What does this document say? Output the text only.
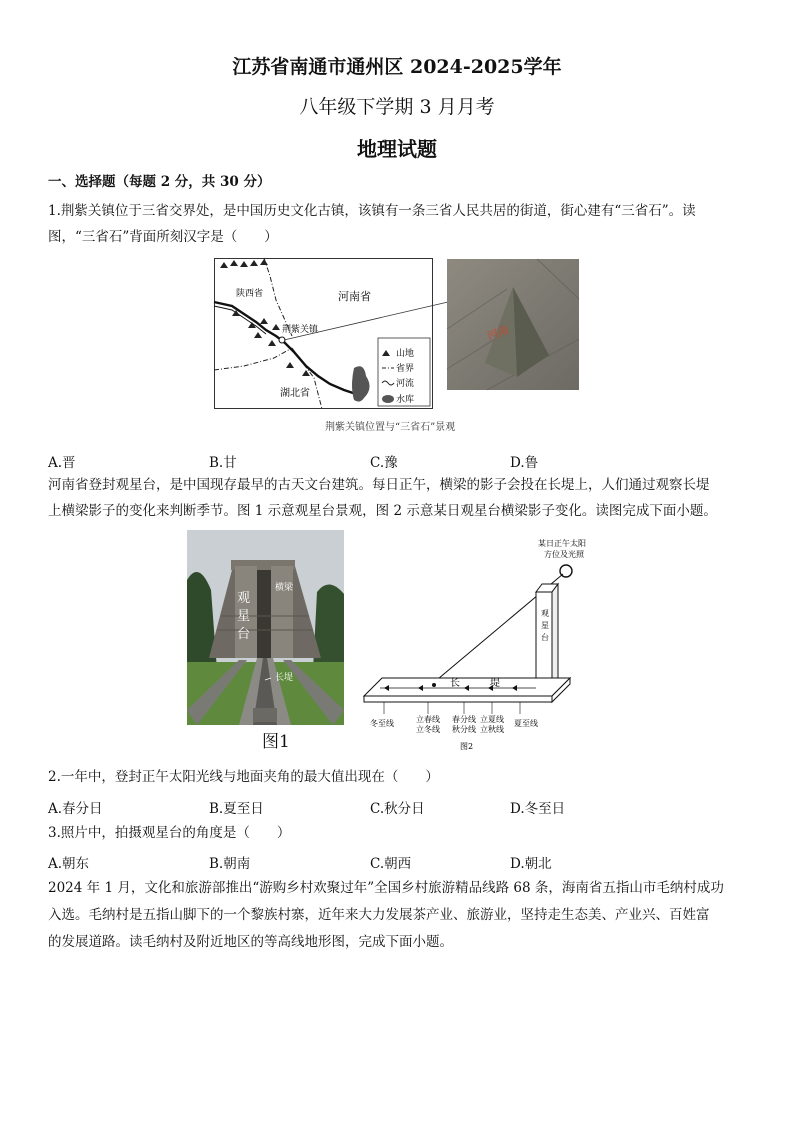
江苏省南通市通州区 2024-2025学年
八年级下学期 3 月月考
地理试题
一、选择题（每题 2 分，共 30 分）
1.荆紫关镇位于三省交界处，是中国历史文化古镇，该镇有一条三省人民共居的街道，街心建有“三省石”。读
图，“三省石”背面所刻汉字是（　　）
陕西省	河南省
湖北省
荆紫关镇
山地
省界
河流
水库
河南
荆紫关镇位置与“三省石”景观
A.晋	B.甘	C.豫	D.鲁
河南省登封观星台，是中国现存最早的古天文台建筑。每日正午，横梁的影子会投在长堤上，人们通过观察长堤
上横梁影子的变化来判断季节。图 1 示意观星台景观，图 2 示意某日观星台横梁影子变化。读图完成下面小题。
观
星
台
横梁
长堤
图1
某日正午太阳
方位及光照
观
星
台
长	堤
冬至线	立春线
立冬线
春分线
秋分线
立夏线
立秋线
夏至线
图2
2.一年中，登封正午太阳光线与地面夹角的最大值出现在（　　）
A.春分日	B.夏至日	C.秋分日	D.冬至日
3.照片中，拍摄观星台的角度是（　　）
A.朝东	B.朝南	C.朝西	D.朝北
2024 年 1 月，文化和旅游部推出“游购乡村欢聚过年”全国乡村旅游精品线路 68 条，海南省五指山市毛纳村成功
入选。毛纳村是五指山脚下的一个黎族村寨，近年来大力发展茶产业、旅游业，坚持走生态美、产业兴、百姓富
的发展道路。读毛纳村及附近地区的等高线地形图，完成下面小题。
